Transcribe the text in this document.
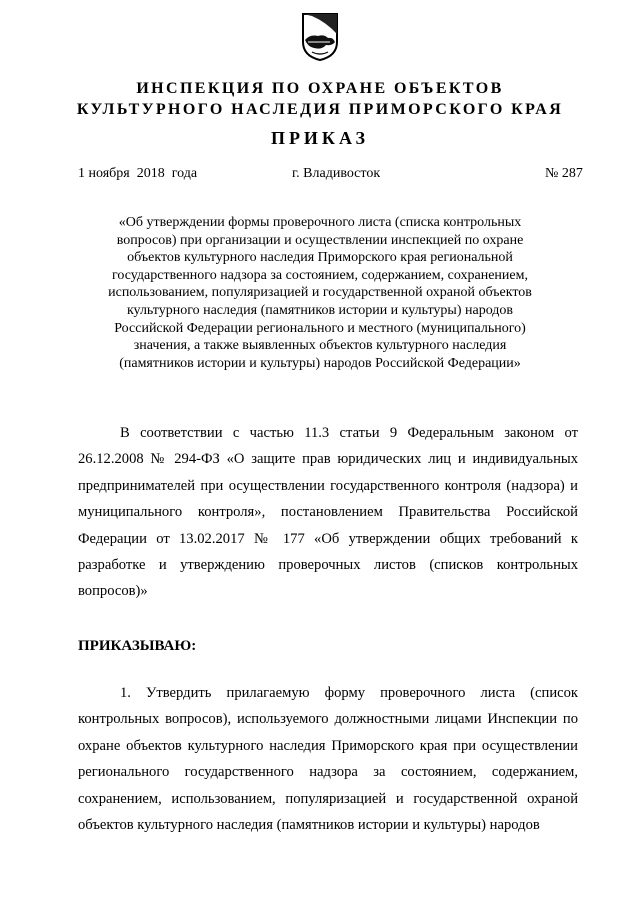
ИНСПЕКЦИЯ ПО ОХРАНЕ ОБЪЕКТОВ

КУЛЬТУРНОГО НАСЛЕДИЯ ПРИМОРСКОГО КРАЯ

ПРИКАЗ

1 ноября  2018  года	г. Владивосток	№ 287

«Об утверждении формы проверочного листа (списка контрольных вопросов) при организации и осуществлении инспекцией по охране объектов культурного наследия Приморского края региональной государственного надзора за состоянием, содержанием, сохранением, использованием, популяризацией и государственной охраной объектов культурного наследия (памятников истории и культуры) народов Российской Федерации регионального и местного (муниципального) значения, а также выявленных объектов культурного наследия (памятников истории и культуры) народов Российской Федерации»

В соответствии с частью 11.3 статьи 9 Федеральным законом от 26.12.2008 № 294-ФЗ «О защите прав юридических лиц и индивидуальных предпринимателей при осуществлении государственного контроля (надзора) и муниципального контроля», постановлением Правительства Российской Федерации от 13.02.2017 № 177 «Об утверждении общих требований к разработке и утверждению проверочных листов (списков контрольных вопросов)»

ПРИКАЗЫВАЮ:

1. Утвердить прилагаемую форму проверочного листа (список контрольных вопросов), используемого должностными лицами Инспекции по охране объектов культурного наследия Приморского края при осуществлении регионального государственного надзора за состоянием, содержанием, сохранением, использованием, популяризацией и государственной охраной объектов культурного наследия (памятников истории и культуры) народов
